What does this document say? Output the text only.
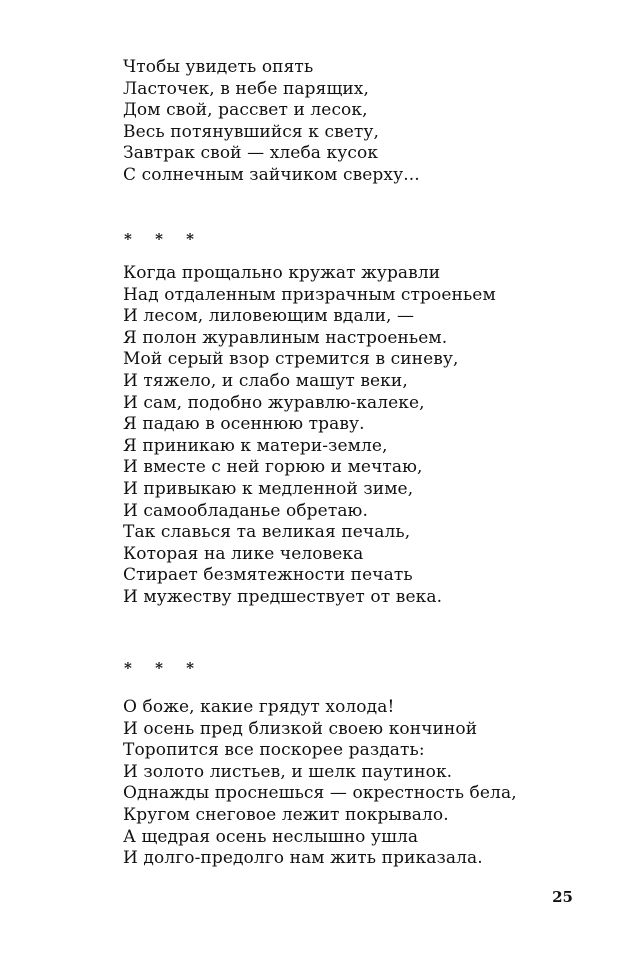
Чтобы увидеть опять
Ласточек, в небе парящих,
Дом свой, рассвет и лесок,
Весь потянувшийся к свету,
Завтрак свой — хлеба кусок
С солнечным зайчиком сверху...
* * *
Когда прощально кружат журавли
Над отдаленным призрачным строеньем
И лесом, лиловеющим вдали, —
Я полон журавлиным настроеньем.
Мой серый взор стремится в синеву,
И тяжело, и слабо машут веки,
И сам, подобно журавлю-калеке,
Я падаю в осеннюю траву.
Я приникаю к матери-земле,
И вместе с ней горюю и мечтаю,
И привыкаю к медленной зиме,
И самообладанье обретаю.
Так славься та великая печаль,
Которая на лике человека
Стирает безмятежности печать
И мужеству предшествует от века.
* * *
О боже, какие грядут холода!
И осень пред близкой своею кончиной
Торопится все поскорее раздать:
И золото листьев, и шелк паутинок.
Однажды проснешься — окрестность бела,
Кругом снеговое лежит покрывало.
А щедрая осень неслышно ушла
И долго-предолго нам жить приказала.
25
